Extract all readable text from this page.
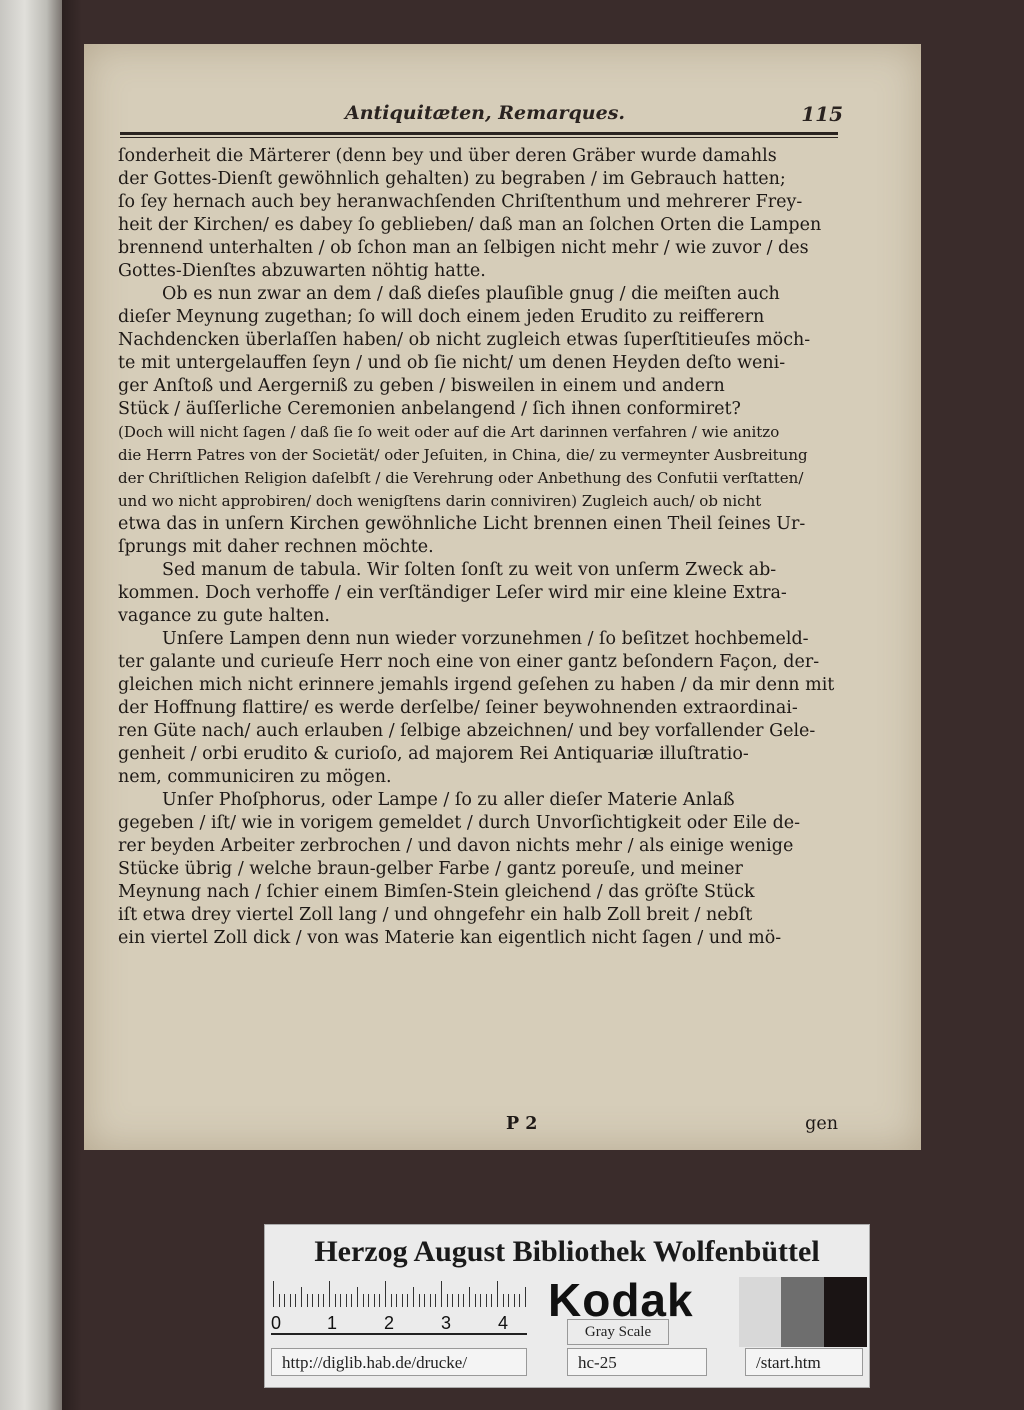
Antiquitæten, Remarques.	115

ſonderheit die Märterer (denn bey und über deren Gräber wurde damahls

der Gottes-Dienſt gewöhnlich gehalten) zu begraben / im Gebrauch hatten;

ſo ſey hernach auch bey heranwachſenden Chriſtenthum und mehrerer Frey-

heit der Kirchen/ es dabey ſo geblieben/ daß man an ſolchen Orten die Lampen

brennend unterhalten / ob ſchon man an ſelbigen nicht mehr / wie zuvor / des

Gottes-Dienſtes abzuwarten nöhtig hatte.

Ob es nun zwar an dem / daß dieſes plauſible gnug / die meiſten auch

dieſer Meynung zugethan; ſo will doch einem jeden Erudito zu reifferern

Nachdencken überlaſſen haben/ ob nicht zugleich etwas ſuperſtitieuſes möch-

te mit untergelauffen ſeyn / und ob ſie nicht/ um denen Heyden deſto weni-

ger Anſtoß und Aergerniß zu geben / bisweilen in einem und andern

Stück / äuſſerliche Ceremonien anbelangend / ſich ihnen conformiret?

(Doch will nicht ſagen / daß ſie ſo weit oder auf die Art darinnen verfahren / wie anitzo

die Herrn Patres von der Societät/ oder Jeſuiten, in China, die/ zu vermeynter Ausbreitung

der Chriſtlichen Religion daſelbſt / die Verehrung oder Anbethung des Confutii verſtatten/

und wo nicht approbiren/ doch wenigſtens darin conniviren) Zugleich auch/ ob nicht

etwa das in unſern Kirchen gewöhnliche Licht brennen einen Theil ſeines Ur-

ſprungs mit daher rechnen möchte.

Sed manum de tabula. Wir ſolten ſonſt zu weit von unſerm Zweck ab-

kommen. Doch verhoffe / ein verſtändiger Leſer wird mir eine kleine Extra-

vagance zu gute halten.

Unſere Lampen denn nun wieder vorzunehmen / ſo beſitzet hochbemeld-

ter galante und curieuſe Herr noch eine von einer gantz beſondern Façon, der-

gleichen mich nicht erinnere jemahls irgend geſehen zu haben / da mir denn mit

der Hoffnung flattire/ es werde derſelbe/ ſeiner beywohnenden extraordinai-

ren Güte nach/ auch erlauben / ſelbige abzeichnen/ und bey vorfallender Gele-

genheit / orbi erudito & curioſo, ad majorem Rei Antiquariæ illuſtratio-

nem, communiciren zu mögen.

Unſer Phoſphorus, oder Lampe / ſo zu aller dieſer Materie Anlaß

gegeben / iſt/ wie in vorigem gemeldet / durch Unvorſichtigkeit oder Eile de-

rer beyden Arbeiter zerbrochen / und davon nichts mehr / als einige wenige

Stücke übrig / welche braun-gelber Farbe / gantz poreuſe, und meiner

Meynung nach / ſchier einem Bimſen-Stein gleichend / das gröſte Stück

iſt etwa drey viertel Zoll lang / und ohngefehr ein halb Zoll breit / nebſt

ein viertel Zoll dick / von was Materie kan eigentlich nicht ſagen / und mö-

P 2	gen
Herzog August Bibliothek Wolfenbüttel
0	1	2	3	4 Kodak
Gray Scale
http://diglib.hab.de/drucke/	hc-25	/start.htm
